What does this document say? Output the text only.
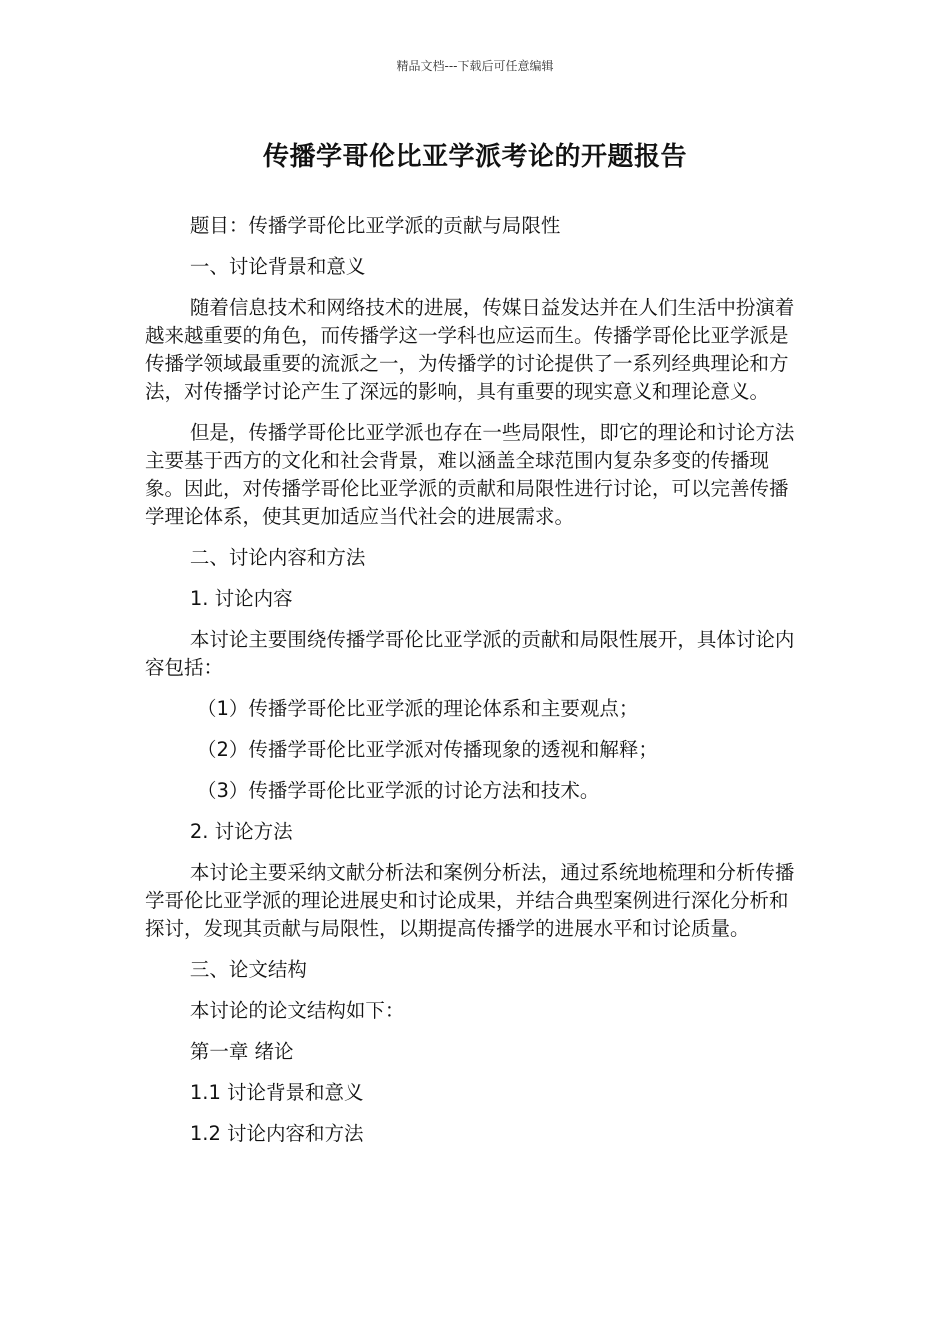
精品文档---下载后可任意编辑
传播学哥伦比亚学派考论的开题报告

题目：传播学哥伦比亚学派的贡献与局限性

一、讨论背景和意义

随着信息技术和网络技术的进展，传媒日益发达并在人们生活中扮演着越来越重要的角色，而传播学这一学科也应运而生。传播学哥伦比亚学派是传播学领域最重要的流派之一，为传播学的讨论提供了一系列经典理论和方法，对传播学讨论产生了深远的影响，具有重要的现实意义和理论意义。

但是，传播学哥伦比亚学派也存在一些局限性，即它的理论和讨论方法主要基于西方的文化和社会背景，难以涵盖全球范围内复杂多变的传播现象。因此，对传播学哥伦比亚学派的贡献和局限性进行讨论，可以完善传播学理论体系，使其更加适应当代社会的进展需求。

二、讨论内容和方法

1. 讨论内容

本讨论主要围绕传播学哥伦比亚学派的贡献和局限性展开，具体讨论内容包括：

（1）传播学哥伦比亚学派的理论体系和主要观点；

（2）传播学哥伦比亚学派对传播现象的透视和解释；

（3）传播学哥伦比亚学派的讨论方法和技术。

2. 讨论方法

本讨论主要采纳文献分析法和案例分析法，通过系统地梳理和分析传播学哥伦比亚学派的理论进展史和讨论成果，并结合典型案例进行深化分析和探讨，发现其贡献与局限性，以期提高传播学的进展水平和讨论质量。

三、论文结构

本讨论的论文结构如下：

第一章 绪论

1.1 讨论背景和意义

1.2 讨论内容和方法
